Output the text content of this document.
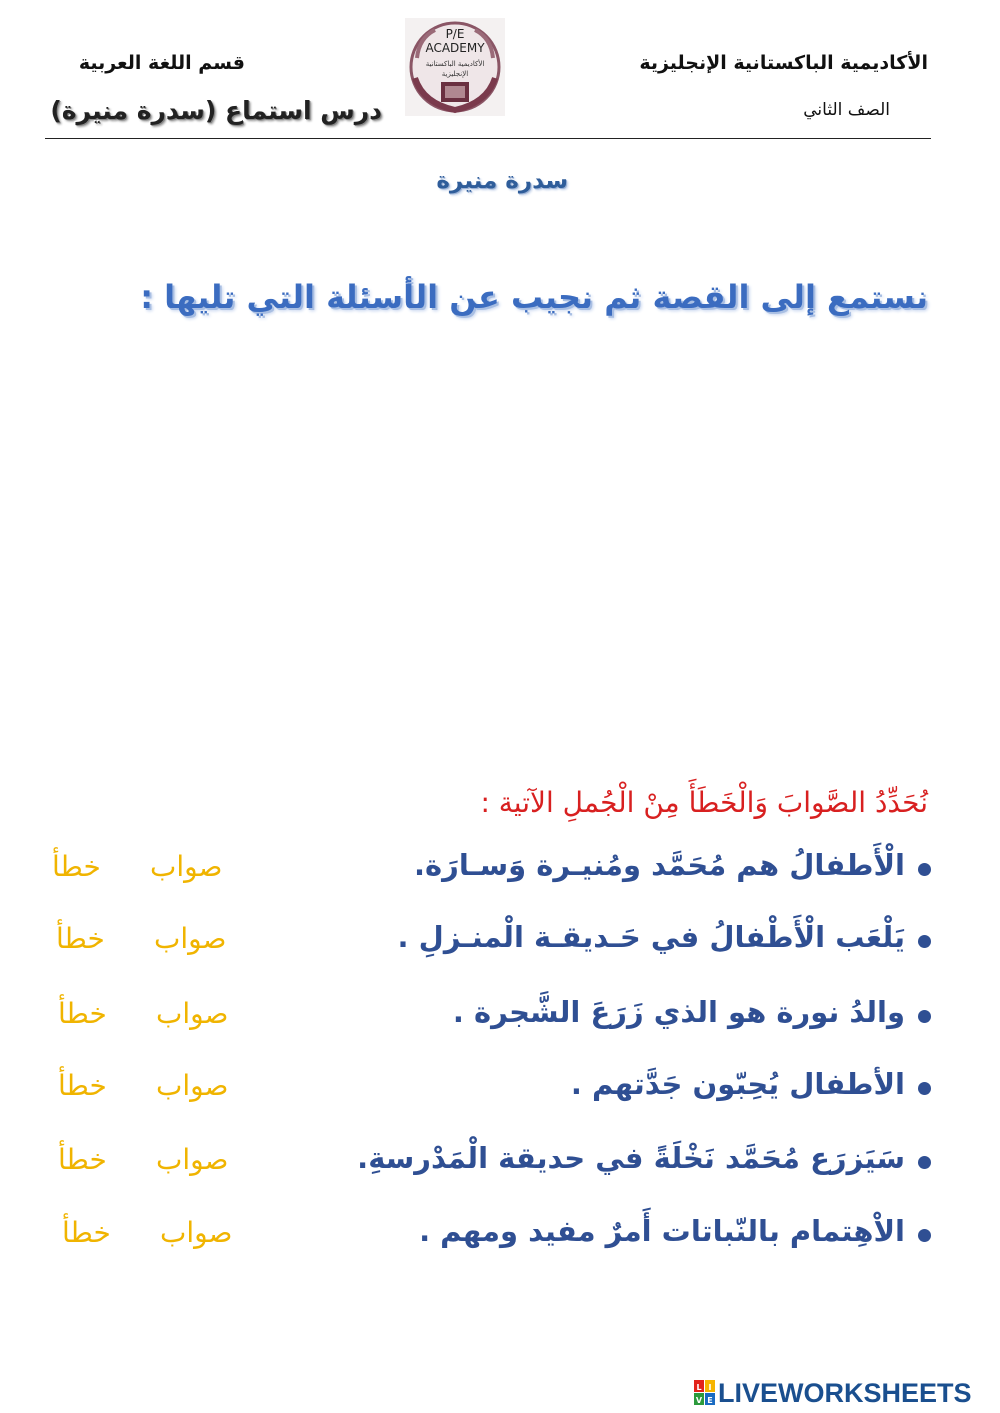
الأكاديمية الباكستانية الإنجليزية
الصف الثاني
قسم اللغة العربية
درس استماع (سدرة منيرة)
P/E
ACADEMY
الأكاديمية الباكستانية
الإنجليزية
سدرة منيرة
نستمع إلى القصة ثم نجيب عن الأسئلة التي تليها :
نُحَدِّدُ الصَّوابَ وَالْخَطَأَ مِنْ الْجُملِ الآتية :
الْأَطفالُ هم مُحَمَّد ومُنيـرة وَسـارَة.
صواب
خطأ
يَلْعَب الْأَطْفالُ في حَـديقـة الْمنـزلِ .
صواب
خطأ
والدُ نورة هو الذي زَرَعَ الشَّجرة .
صواب
خطأ
الأطفال يُحِبّون جَدَّتهم .
صواب
خطأ
سَيَزرَع مُحَمَّد نَخْلَةً في حديقة الْمَدْرسةِ.
صواب
خطأ
الاْهِتمام بالنّباتات أَمرٌ مفيد ومهم .
صواب
خطأ
L I
V E LIVEWORKSHEETS
